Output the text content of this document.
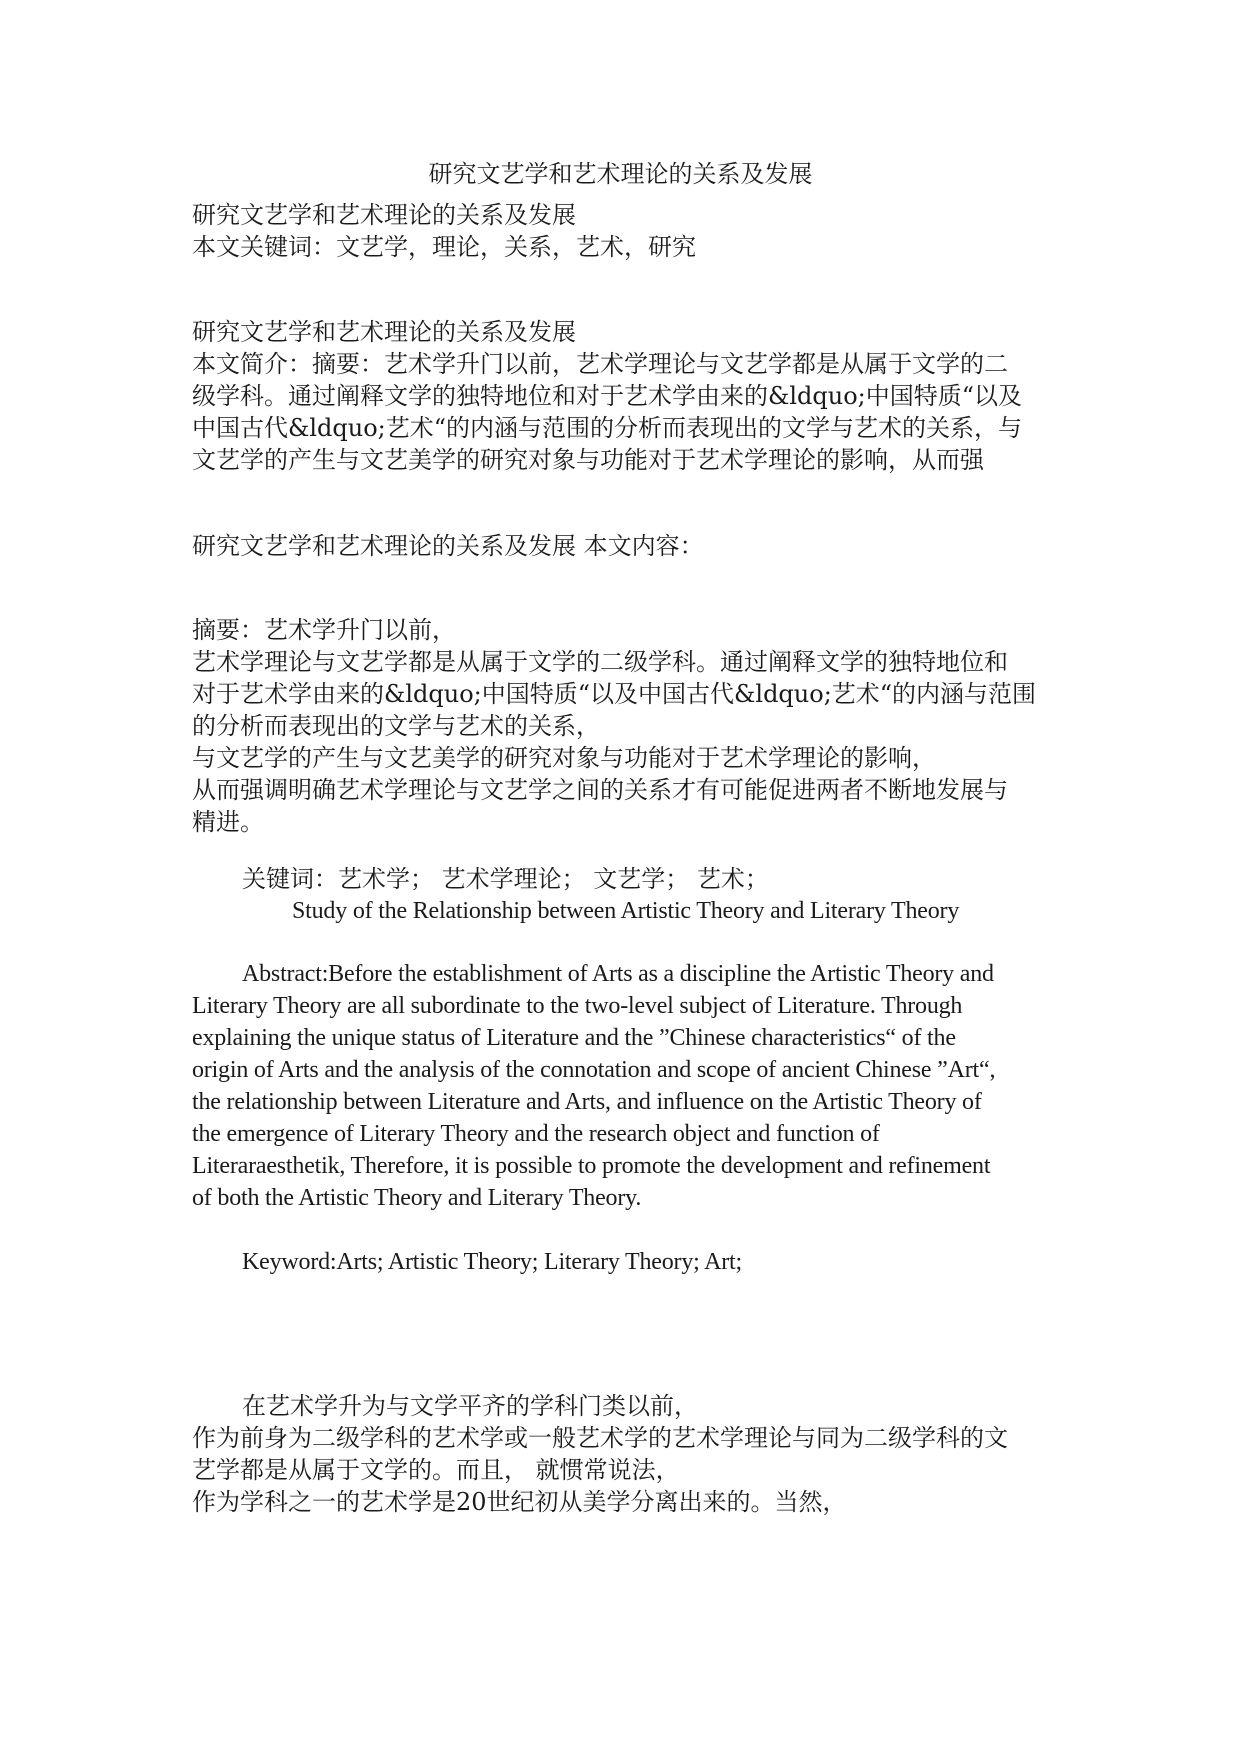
研究文艺学和艺术理论的关系及发展
研究文艺学和艺术理论的关系及发展
本文关键词：文艺学，理论，关系，艺术，研究
研究文艺学和艺术理论的关系及发展
本文简介：摘要：艺术学升门以前，艺术学理论与文艺学都是从属于文学的二
级学科。通过阐释文学的独特地位和对于艺术学由来的&ldquo;中国特质“以及
中国古代&ldquo;艺术“的内涵与范围的分析而表现出的文学与艺术的关系，与
文艺学的产生与文艺美学的研究对象与功能对于艺术学理论的影响，从而强
研究文艺学和艺术理论的关系及发展 本文内容：
摘要：艺术学升门以前，
艺术学理论与文艺学都是从属于文学的二级学科。通过阐释文学的独特地位和
对于艺术学由来的&ldquo;中国特质“以及中国古代&ldquo;艺术“的内涵与范围
的分析而表现出的文学与艺术的关系，
与文艺学的产生与文艺美学的研究对象与功能对于艺术学理论的影响，
从而强调明确艺术学理论与文艺学之间的关系才有可能促进两者不断地发展与
精进。
关键词：艺术学； 艺术学理论； 文艺学； 艺术；
Study of the Relationship between Artistic Theory and Literary Theory
Abstract:Before the establishment of Arts as a discipline the Artistic Theory and
Literary Theory are all subordinate to the two-level subject of Literature. Through
explaining the unique status of Literature and the ”Chinese characteristics“ of the
origin of Arts and the analysis of the connotation and scope of ancient Chinese ”Art“,
the relationship between Literature and Arts, and influence on the Artistic Theory of
the emergence of Literary Theory and the research object and function of
Literaraesthetik, Therefore, it is possible to promote the development and refinement
of both the Artistic Theory and Literary Theory.
Keyword:Arts; Artistic Theory; Literary Theory; Art;
在艺术学升为与文学平齐的学科门类以前，
作为前身为二级学科的艺术学或一般艺术学的艺术学理论与同为二级学科的文
艺学都是从属于文学的。而且， 就惯常说法，
作为学科之一的艺术学是20世纪初从美学分离出来的。当然，
